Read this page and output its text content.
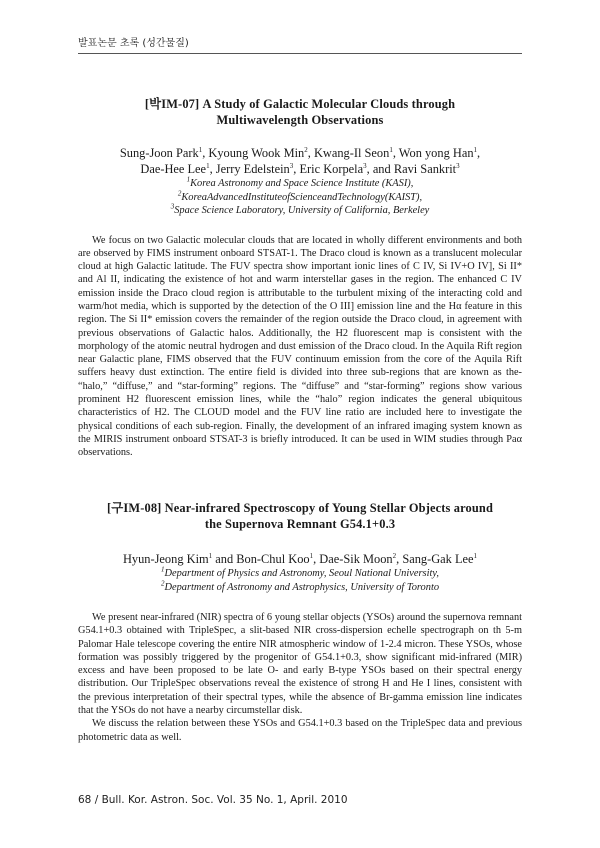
발표논문 초록 (성간물질)
[박IM-07] A Study of Galactic Molecular Clouds through
Multiwavelength Observations
Sung-Joon Park$^1$, Kyoung Wook Min$^2$, Kwang-Il Seon$^1$, Won yong Han$^1$,
Dae-Hee Lee$^1$, Jerry Edelstein$^3$, Eric Korpela$^3$, and Ravi Sankrit$^3$
$^1$Korea Astronomy and Space Science Institute (KASI),
$^2$KoreaAdvancedInstituteofScienceandTechnology(KAIST),
$^3$Space Science Laboratory, University of California, Berkeley

We focus on two Galactic molecular clouds that are located in wholly different environments and both are observed by FIMS instrument onboard STSAT-1. The Draco cloud is known as a translucent molecular cloud at high Galactic latitude. The FUV spectra show important ionic lines of C IV, Si IV+O IV], Si II* and Al II, indicating the existence of hot and warm interstellar gases in the region. The enhanced C IV emission inside the Draco cloud region is attributable to the turbulent mixing of the interacting cold and warm/hot media, which is supported by the detection of the O III] emission line and the Hα feature in this region. The Si II* emission covers the remainder of the region outside the Draco cloud, in agreement with previous observations of Galactic halos. Additionally, the H2 fluorescent map is consistent with the morphology of the atomic neutral hydrogen and dust emission of the Draco cloud. In the Aquila Rift region near Galactic plane, FIMS observed that the FUV continuum emission from the core of the Aquila Rift suffers heavy dust extinction. The entire field is divided into three sub-regions that are known as the- “halo,” “diffuse,” and “star-forming” regions. The “diffuse” and “star-forming” regions show various prominent H2 fluorescent emission lines, while the “halo” region indicates the general ubiquitous characteristics of H2. The CLOUD model and the FUV line ratio are included here to investigate the physical conditions of each sub-region. Finally, the development of an infrared imaging system known as the MIRIS instrument onboard STSAT-3 is briefly introduced. It can be used in WIM studies through Paα observations.

[구IM-08] Near-infrared Spectroscopy of Young Stellar Objects around
the Supernova Remnant G54.1+0.3
Hyun-Jeong Kim$^1$ and Bon-Chul Koo$^1$, Dae-Sik Moon$^2$, Sang-Gak Lee$^1$
$^1$Department of Physics and Astronomy, Seoul National University,
$^2$Department of Astronomy and Astrophysics, University of Toronto

We present near-infrared (NIR) spectra of 6 young stellar objects (YSOs) around the supernova remnant G54.1+0.3 obtained with TripleSpec, a slit-based NIR cross-dispersion echelle spectrograph on th 5-m Palomar Hale telescope covering the entire NIR atmospheric window of 1-2.4 micron. These YSOs, whose formation was possibly triggered by the progenitor of G54.1+0.3, show significant mid-infrared (MIR) excess and have been proposed to be late O- and early B-type YSOs based on their spectral energy distribution. Our TripleSpec observations reveal the existence of strong H and He I lines, consistent with the previous interpretation of their spectral types, while the absence of Br-gamma emission line indicates that the YSOs do not have a nearby circumstellar disk.

We discuss the relation between these YSOs and G54.1+0.3 based on the TripleSpec data and previous photometric data as well.

68 / Bull. Kor. Astron. Soc. Vol. 35 No. 1, April. 2010
